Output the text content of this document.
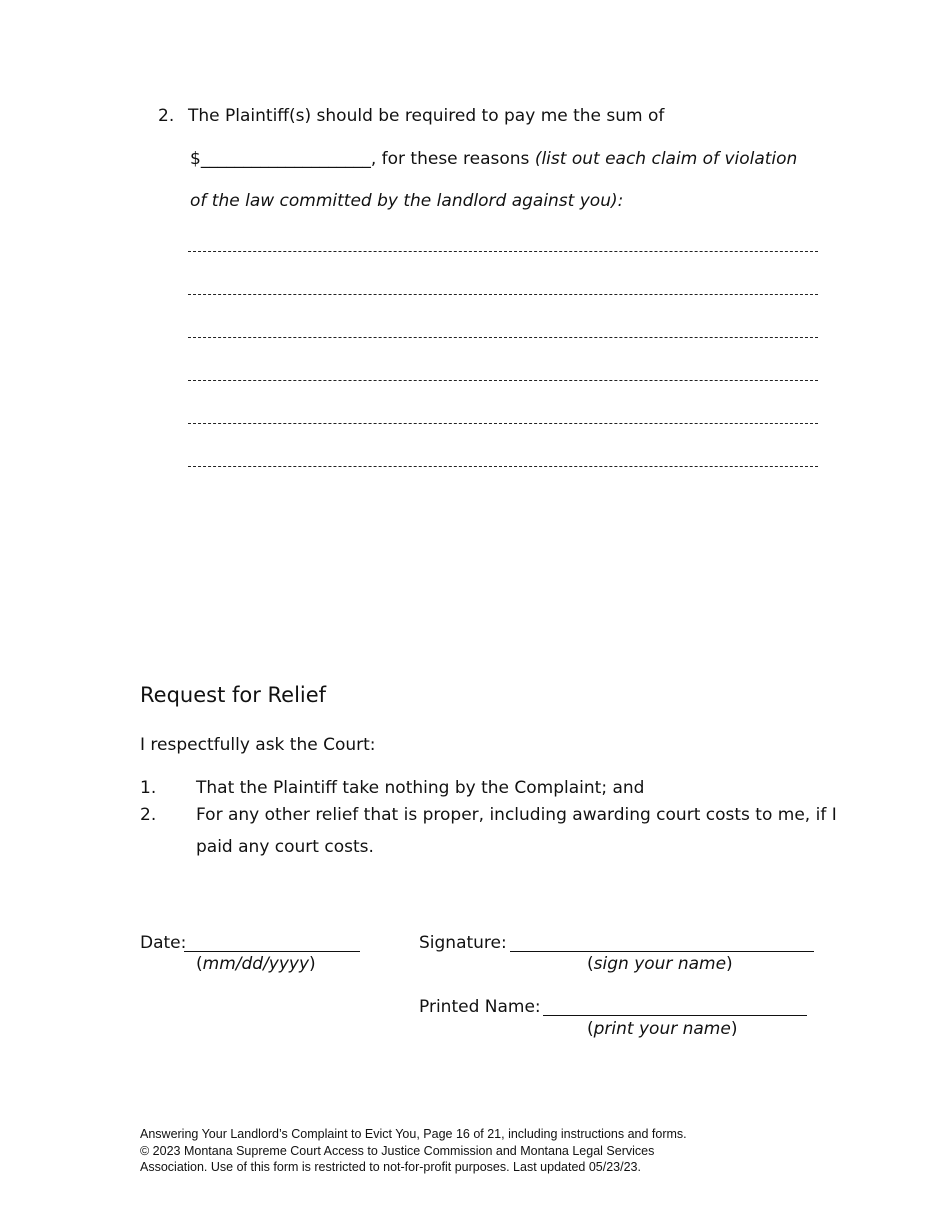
2. The Plaintiff(s) should be required to pay me the sum of
$____________________, for these reasons (list out each claim of violation
of the law committed by the landlord against you):
Request for Relief
I respectfully ask the Court:
1. That the Plaintiff take nothing by the Complaint; and
2. For any other relief that is proper, including awarding court costs to me, if I
paid any court costs.
Date:
(mm/dd/yyyy)
Signature:
(sign your name)
Printed Name:
(print your name)
Answering Your Landlord’s Complaint to Evict You, Page 16 of 21, including instructions and forms.
© 2023 Montana Supreme Court Access to Justice Commission and Montana Legal Services
Association. Use of this form is restricted to not-for-profit purposes. Last updated 05/23/23.
